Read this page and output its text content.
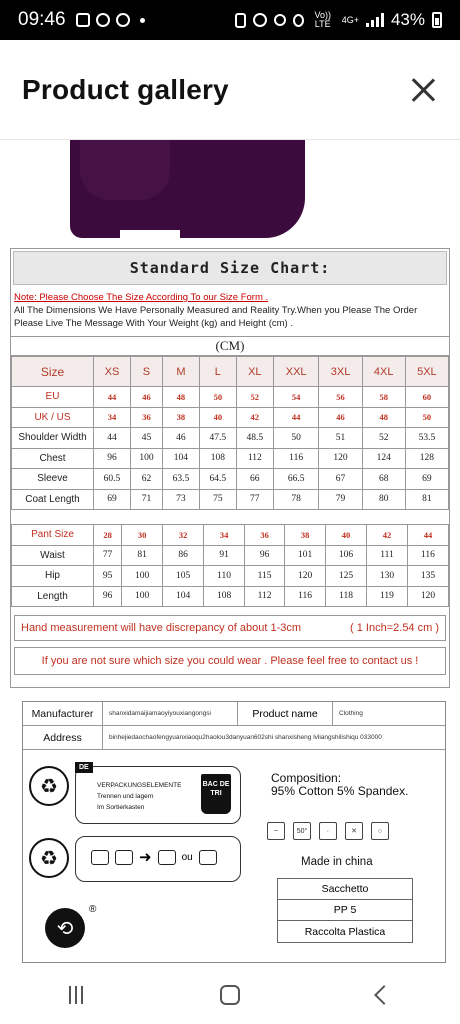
09:46	Vo)) LTE	4G+ 43%
Product gallery
Standard Size Chart:
Note: Please Choose The Size According To our Size Form .
All The Dimensions We Have Personally Measured and Reality Try.When you Please The Order Please Live The Message With Your Weight (kg) and Height (cm) .
(CM)
Size	XS	S	M	L	XL	XXL	3XL	4XL	5XL
EU	44	46	48	50	52	54	56	58	60
UK / US	34	36	38	40	42	44	46	48	50
Shoulder Width	44	45	46	47.5	48.5	50	51	52	53.5
Chest	96	100	104	108	112	116	120	124	128
Sleeve	60.5	62	63.5	64.5	66	66.5	67	68	69
Coat Length	69	71	73	75	77	78	79	80	81
Pant Size	28	30	32	34	36	38	40	42	44
Waist	77	81	86	91	96	101	106	111	116
Hip	95	100	105	110	115	120	125	130	135
Length	96	100	104	108	112	116	118	119	120
Hand measurement will have discrepancy of about 1-3cm	( 1 Inch=2.54 cm )
If you are not sure which size you could wear . Please feel free to contact us !
Manufacturer	shanxidamaijiamaoyiyouxiangongsi	Product name	Clothing
Address	binhejiedaochaofengyuanxiaoqu2haolou3danyuan602shi shanxisheng lvliangshilishiqu 033000
♻
DE
VERPACKUNGSELEMENTE
Trennen und lagern
Im Sortierkasten
BAC DE TRI
Composition:
95% Cotton 5% Spandex.
♻	➜	ou
~	50°	∙	✕	○
Made in china
Sacchetto
PP 5
Raccolta Plastica
⟲
®
